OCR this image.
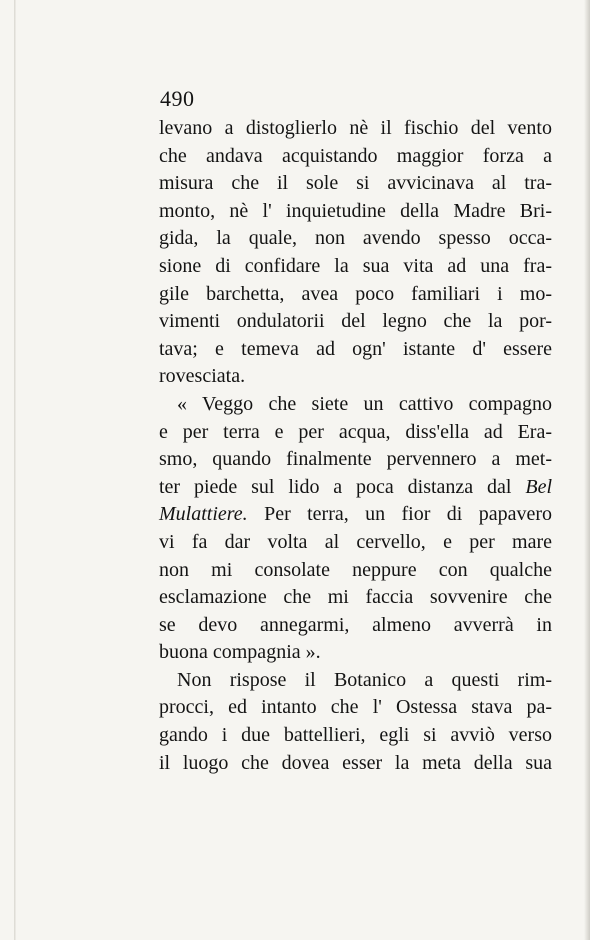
490
levano a distoglierlo nè il fischio del vento
che andava acquistando maggior forza a
misura che il sole si avvicinava al tra-
monto, nè l' inquietudine della Madre Bri-
gida, la quale, non avendo spesso occa-
sione di confidare la sua vita ad una fra-
gile barchetta, avea poco familiari i mo-
vimenti ondulatorii del legno che la por-
tava; e temeva ad ogn' istante d' essere
rovesciata.
« Veggo che siete un cattivo compagno
e per terra e per acqua, diss'ella ad Era-
smo, quando finalmente pervennero a met-
ter piede sul lido a poca distanza dal Bel
Mulattiere. Per terra, un fior di papavero
vi fa dar volta al cervello, e per mare
non mi consolate neppure con qualche
esclamazione che mi faccia sovvenire che
se devo annegarmi, almeno avverrà in
buona compagnia ».
Non rispose il Botanico a questi rim-
procci, ed intanto che l' Ostessa stava pa-
gando i due battellieri, egli si avviò verso
il luogo che dovea esser la meta della sua
